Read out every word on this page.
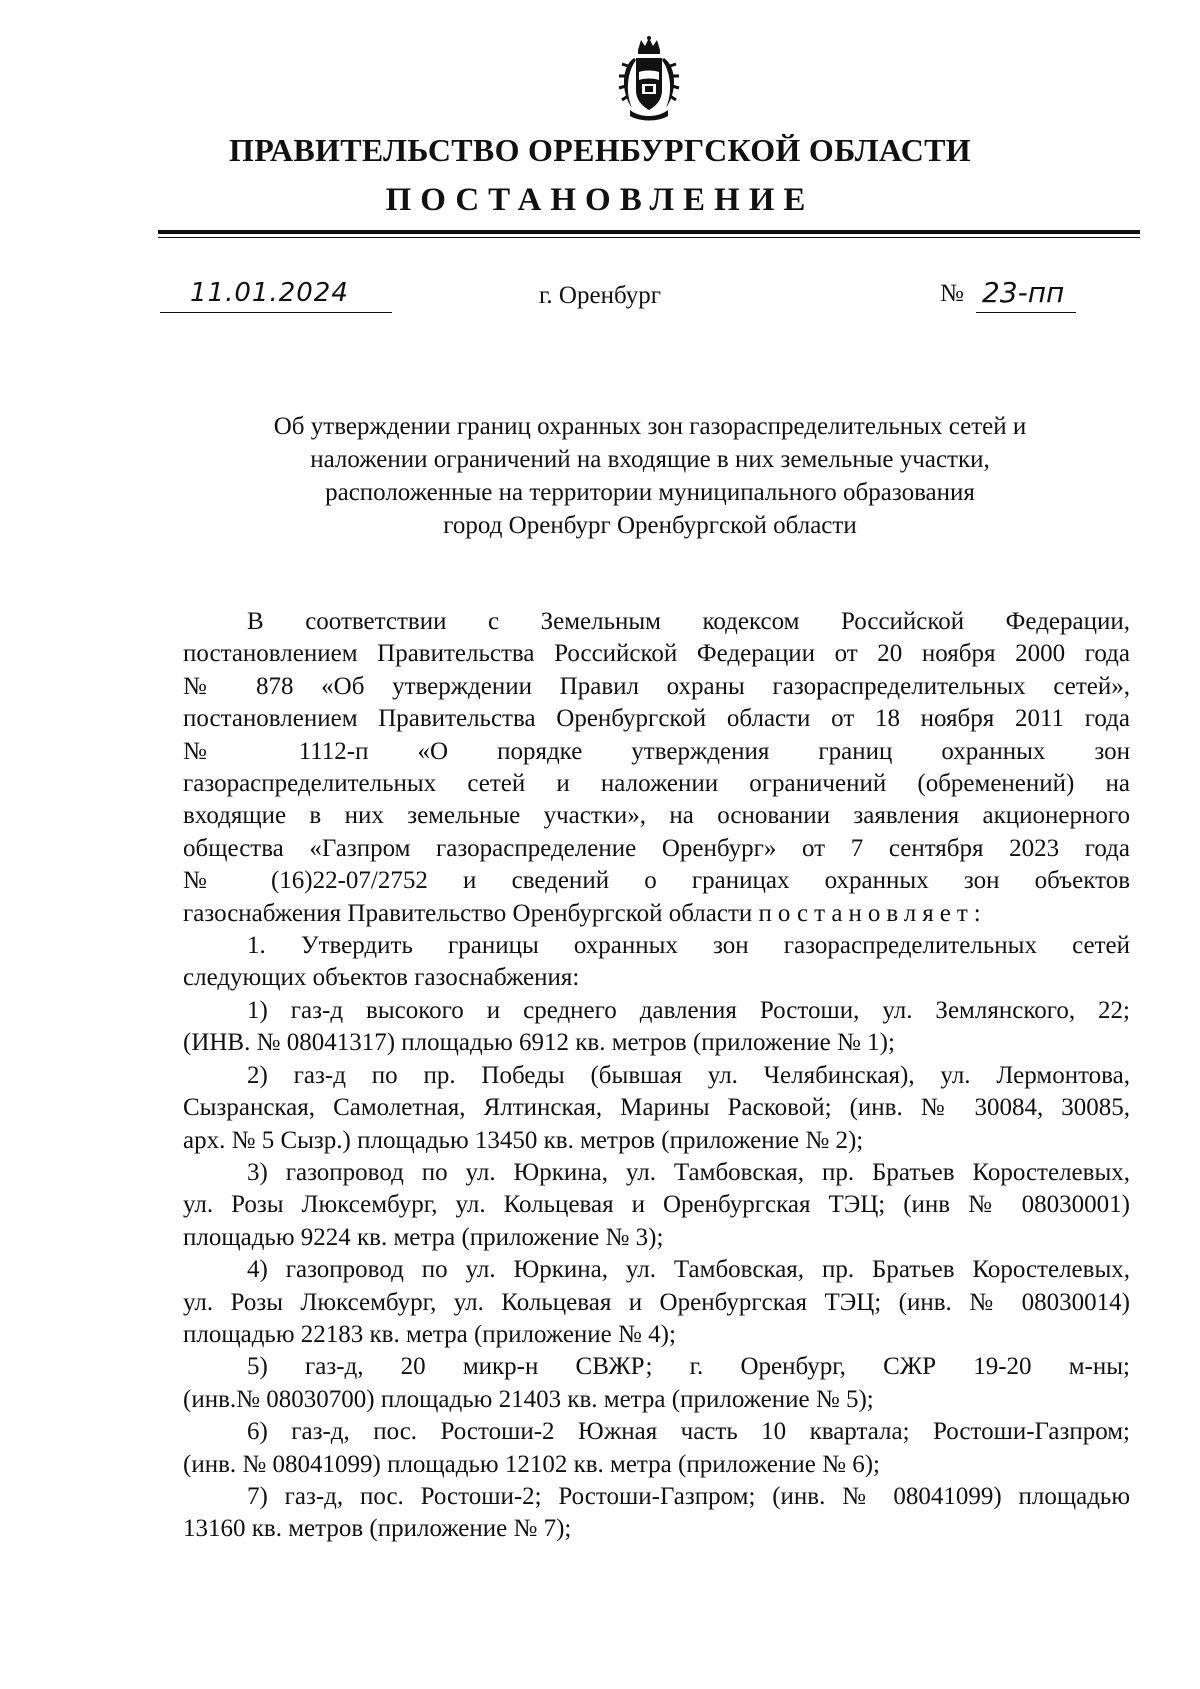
ПРАВИТЕЛЬСТВО ОРЕНБУРГСКОЙ ОБЛАСТИ
ПОСТАНОВЛЕНИЕ
11.01.2024	г. Оренбург	№ 23-пп
Об утверждении границ охранных зон газораспределительных сетей и
наложении ограничений на входящие в них земельные участки,
расположенные на территории муниципального образования
город Оренбург Оренбургской области
В соответствии с Земельным кодексом Российской Федерации,
постановлением Правительства Российской Федерации от 20 ноября 2000 года
№ 878 «Об утверждении Правил охраны газораспределительных сетей»,
постановлением Правительства Оренбургской области от 18 ноября 2011 года
№ 1112-п «О порядке утверждения границ охранных зон
газораспределительных сетей и наложении ограничений (обременений) на
входящие в них земельные участки», на основании заявления акционерного
общества «Газпром газораспределение Оренбург» от 7 сентября 2023 года
№ (16)22-07/2752 и сведений о границах охранных зон объектов
газоснабжения Правительство Оренбургской области постановляет:
1. Утвердить границы охранных зон газораспределительных сетей
следующих объектов газоснабжения:
1) газ-д высокого и среднего давления Ростоши, ул. Землянского, 22;
(ИНВ. № 08041317) площадью 6912 кв. метров (приложение № 1);
2) газ-д по пр. Победы (бывшая ул. Челябинская), ул. Лермонтова,
Сызранская, Самолетная, Ялтинская, Марины Расковой; (инв. № 30084, 30085,
арх. № 5 Сызр.) площадью 13450 кв. метров (приложение № 2);
3) газопровод по ул. Юркина, ул. Тамбовская, пр. Братьев Коростелевых,
ул. Розы Люксембург, ул. Кольцевая и Оренбургская ТЭЦ; (инв № 08030001)
площадью 9224 кв. метра (приложение № 3);
4) газопровод по ул. Юркина, ул. Тамбовская, пр. Братьев Коростелевых,
ул. Розы Люксембург, ул. Кольцевая и Оренбургская ТЭЦ; (инв. № 08030014)
площадью 22183 кв. метра (приложение № 4);
5) газ-д, 20 микр-н СВЖР; г. Оренбург, СЖР 19-20 м-ны;
(инв.№ 08030700) площадью 21403 кв. метра (приложение № 5);
6) газ-д, пос. Ростоши-2 Южная часть 10 квартала; Ростоши-Газпром;
(инв. № 08041099) площадью 12102 кв. метра (приложение № 6);
7) газ-д, пос. Ростоши-2; Ростоши-Газпром; (инв. № 08041099) площадью
13160 кв. метров (приложение № 7);
